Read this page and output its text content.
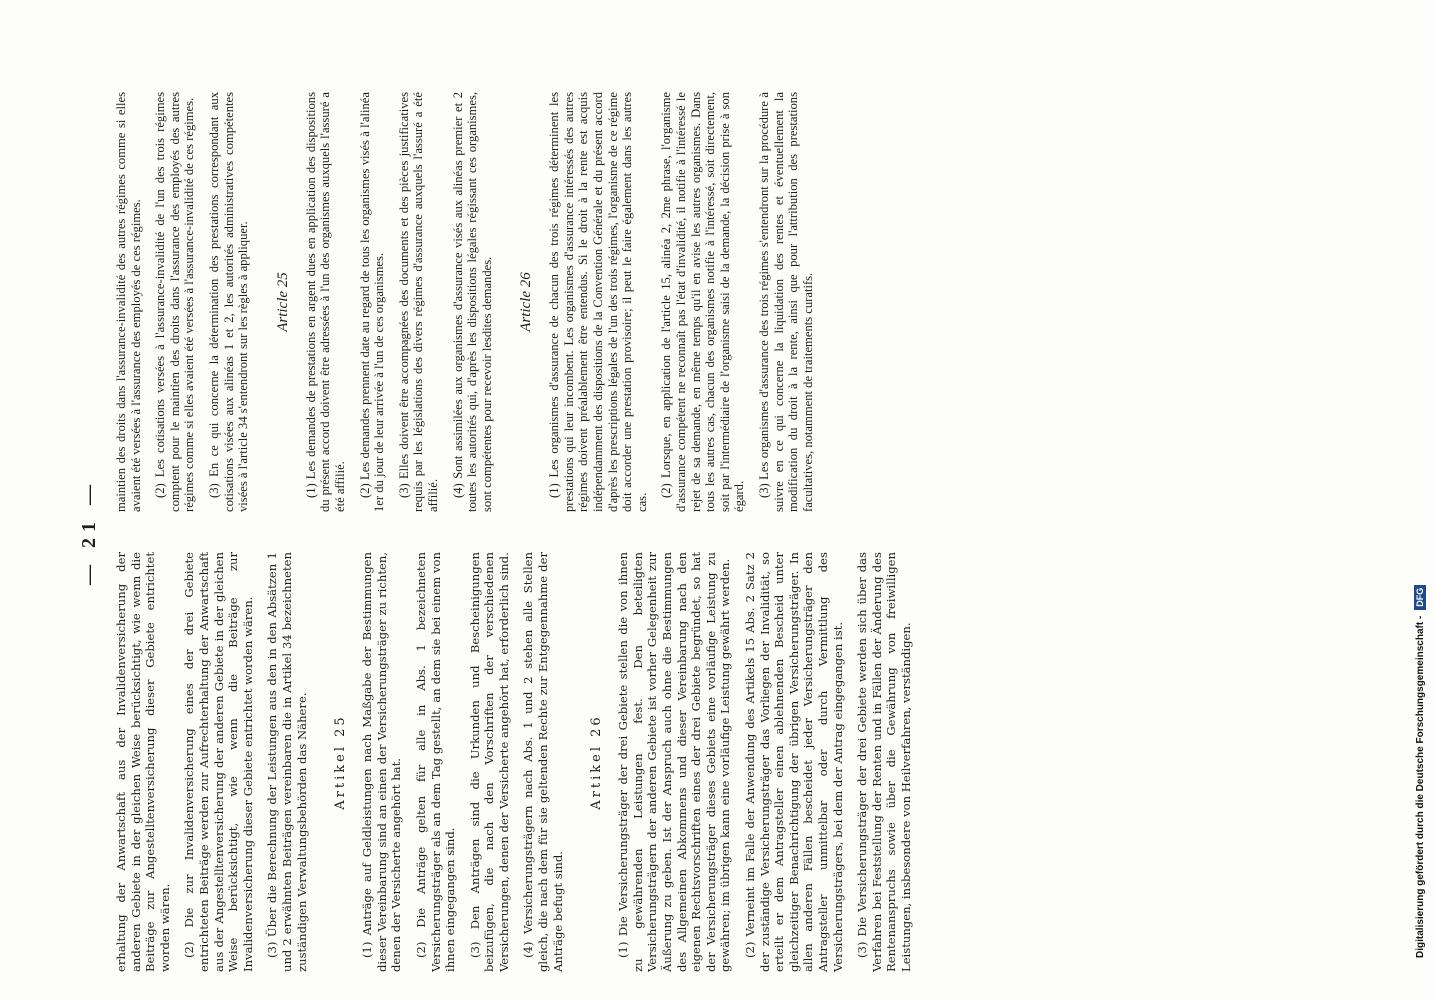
— 21 —

erhaltung der Anwartschaft aus der Invalidenversicherung der anderen Gebiete in der gleichen Weise berücksichtigt, wie wenn die Beiträge zur Angestelltenversicherung dieser Gebiete entrichtet worden wären. (2) Die zur Invalidenversicherung eines der drei Gebiete entrichteten Beiträge werden zur Aufrechterhaltung der Anwartschaft aus der Angestelltenversicherung der anderen Gebiete in der gleichen Weise berücksichtigt, wie wenn die Beiträge zur Invalidenversicherung dieser Gebiete entrichtet worden wären. (3) Über die Berechnung der Leistungen aus den in den Absätzen 1 und 2 erwähnten Beiträgen vereinbaren die in Artikel 34 bezeichneten zuständigen Verwaltungsbehörden das Nähere. Artikel 25 (1) Anträge auf Geldleistungen nach Maßgabe der Bestimmungen dieser Vereinbarung sind an einen der Versicherungsträger zu richten, denen der Versicherte angehört hat. (2) Die Anträge gelten für alle in Abs. 1 bezeichneten Versicherungsträger als an dem Tag gestellt, an dem sie bei einem von ihnen eingegangen sind. (3) Den Anträgen sind die Urkunden und Bescheinigungen beizufügen, die nach den Vorschriften der verschiedenen Versicherungen, denen der Versicherte angehört hat, erforderlich sind. (4) Versicherungsträgern nach Abs. 1 und 2 stehen alle Stellen gleich, die nach dem für sie geltenden Rechte zur Entgegennahme der Anträge befugt sind.

Artikel 26 (1) Die Versicherungsträger der drei Gebiete stellen die von ihnen zu gewährenden Leistungen fest. Den beteiligten Versicherungsträgern der anderen Gebiete ist vorher Gelegenheit zur Äußerung zu geben. Ist der Anspruch auch ohne die Bestimmungen des Allgemeinen Abkommens und dieser Vereinbarung nach den eigenen Rechtsvorschriften eines der drei Gebiete begründet, so hat der Versicherungsträger dieses Gebiets eine vorläufige Leistung zu gewähren; im übrigen kann eine vorläufige Leistung gewährt werden. (2) Verneint im Falle der Anwendung des Artikels 15 Abs. 2 Satz 2 der zuständige Versicherungsträger das Vorliegen der Invalidität, so erteilt er dem Antragsteller einen ablehnenden Bescheid unter gleichzeitiger Benachrichtigung der übrigen Versicherungsträger. In allen anderen Fällen bescheidet jeder Versicherungsträger den Antragsteller unmittelbar oder durch Vermittlung des Versicherungsträgers, bei dem der Antrag eingegangen ist. (3) Die Versicherungsträger der drei Gebiete werden sich über das Verfahren bei Feststellung der Renten und in Fällen der Änderung des Rentenanspruchs sowie über die Gewährung von freiwilligen Leistungen, insbesondere von Heilverfahren, verständigen.

maintien des droits dans l'assurance-invalidité des autres régimes comme si elles avaient été versées à l'assurance des employés de ces régimes. (2) Les cotisations versées à l'assurance-invalidité de l'un des trois régimes comptent pour le maintien des droits dans l'assurance des employés des autres régimes comme si elles avaient été versées à l'assurance-invalidité de ces régimes. (3) En ce qui concerne la détermination des prestations correspondant aux cotisations visées aux alinéas 1 et 2, les autorités administratives compétentes visées à l'article 34 s'entendront sur les règles à appliquer. Article 25 (1) Les demandes de prestations en argent dues en application des dispositions du présent accord doivent être adressées à l'un des organismes auxquels l'assuré a été affilié. (2) Les demandes prennent date au regard de tous les organismes visés à l'alinéa 1er du jour de leur arrivée à l'un de ces organismes. (3) Elles doivent être accompagnées des documents et des pièces justificatives requis par les législations des divers régimes d'assurance auxquels l'assuré a été affilié. (4) Sont assimilées aux organismes d'assurance visés aux alinéas premier et 2 toutes les autorités qui, d'après les dispositions légales régissant ces organismes, sont compétentes pour recevoir lesdites demandes. Article 26 (1) Les organismes d'assurance de chacun des trois régimes déterminent les prestations qui leur incombent. Les organismes d'assurance intéressés des autres régimes doivent préalablement être entendus. Si le droit à la rente est acquis indépendamment des dispositions de la Convention Générale et du présent accord d'après les prescriptions légales de l'un des trois régimes, l'organisme de ce régime doit accorder une prestation provisoire; il peut le faire également dans les autres cas.

(2) Lorsque, en application de l'article 15, alinéa 2, 2me phrase, l'organisme d'assurance compétent ne reconnaît pas l'état d'invalidité, il notifie à l'intéressé le rejet de sa demande, en même temps qu'il en avise les autres organismes. Dans tous les autres cas, chacun des organismes notifie à l'intéressé, soit directement, soit par l'intermédiaire de l'organisme saisi de la demande, la décision prise à son égard. (3) Les organismes d'assurance des trois régimes s'entendront sur la procédure à suivre en ce qui concerne la liquidation des rentes et éventuellement la modification du droit à la rente, ainsi que pour l'attribution des prestations facultatives, notamment de traitements curatifs.

Digitalisierung gefördert durch die Deutsche Forschungsgemeinschaft -DFG
